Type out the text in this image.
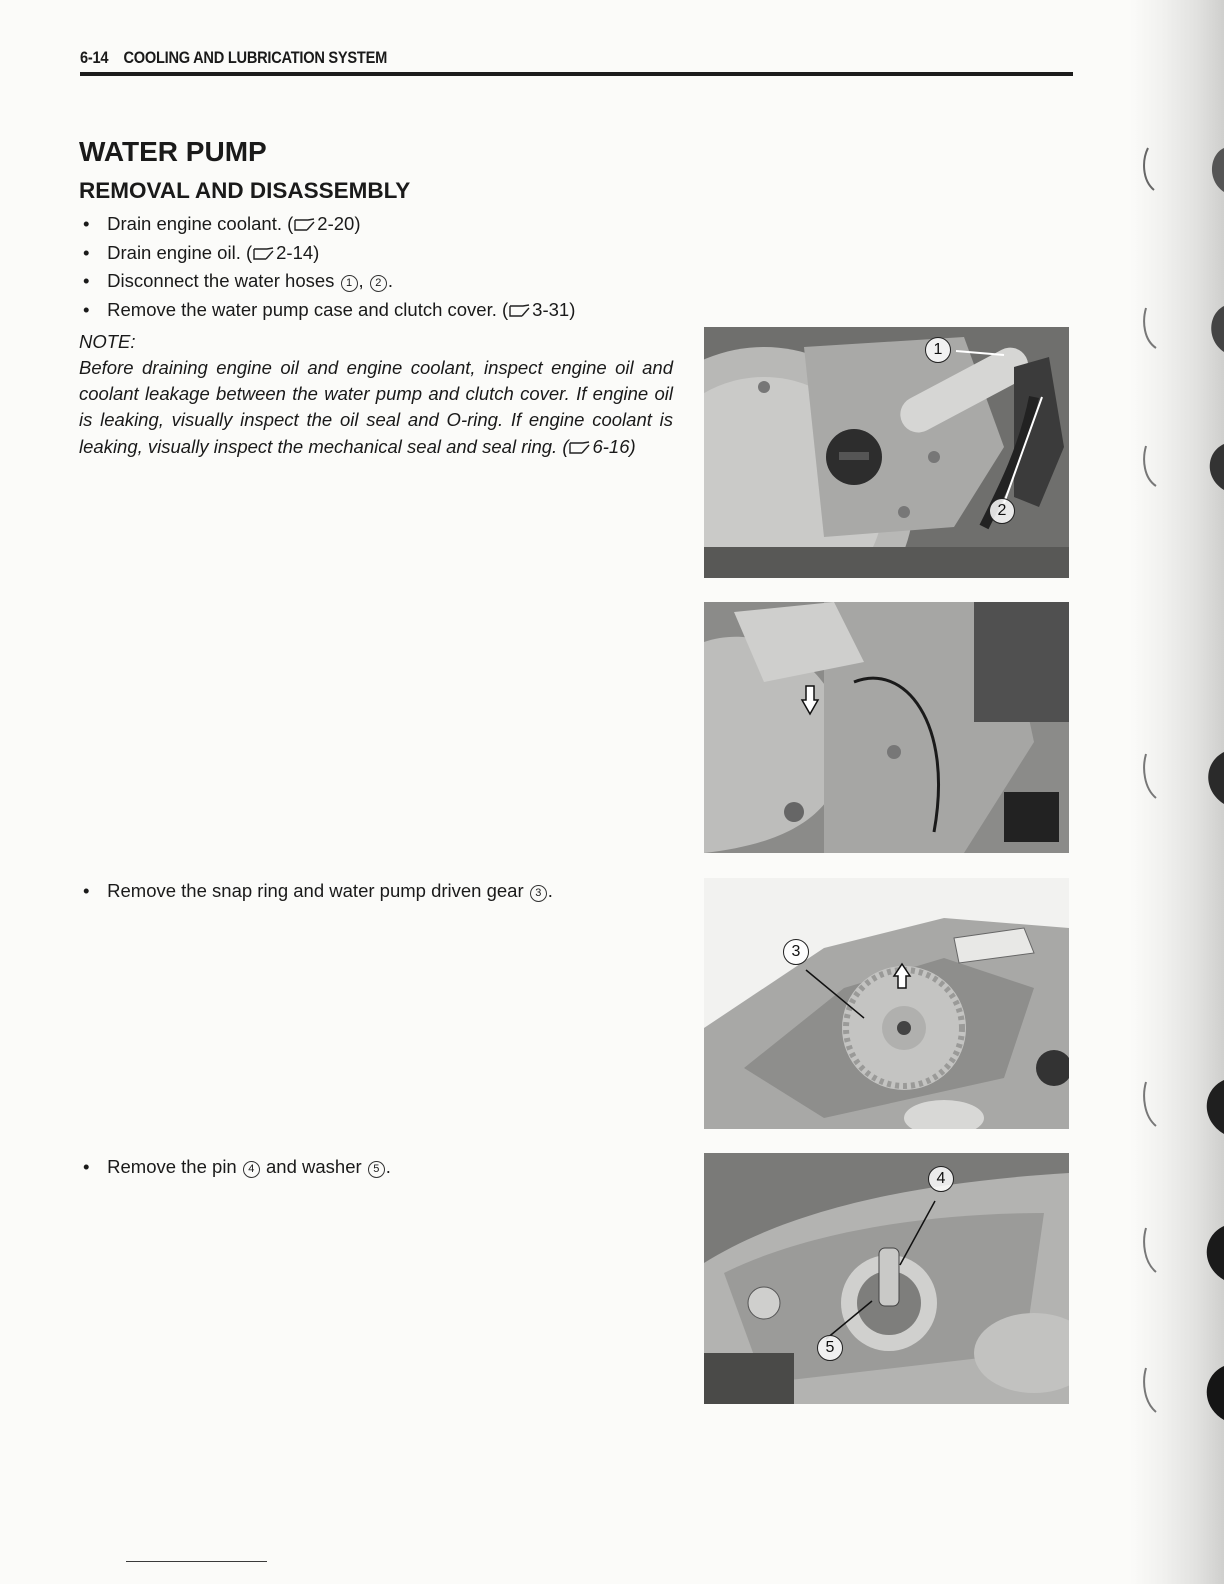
6-14 COOLING AND LUBRICATION SYSTEM
WATER PUMP
REMOVAL AND DISASSEMBLY
• Drain engine coolant. ( 2-20)
• Drain engine oil. ( 2-14)
• Disconnect the water hoses 1 , 2 .
• Remove the water pump case and clutch cover. ( 3-31)
NOTE:
Before draining engine oil and engine coolant, inspect engine oil and coolant leakage between the water pump and clutch cover. If engine oil is leaking, visually inspect the oil seal and O-ring. If engine coolant is leaking, visually inspect the mechanical seal and seal ring. ( 6-16)
• Remove the snap ring and water pump driven gear 3 .
• Remove the pin 4 and washer 5 .
1
2
3
4
5
